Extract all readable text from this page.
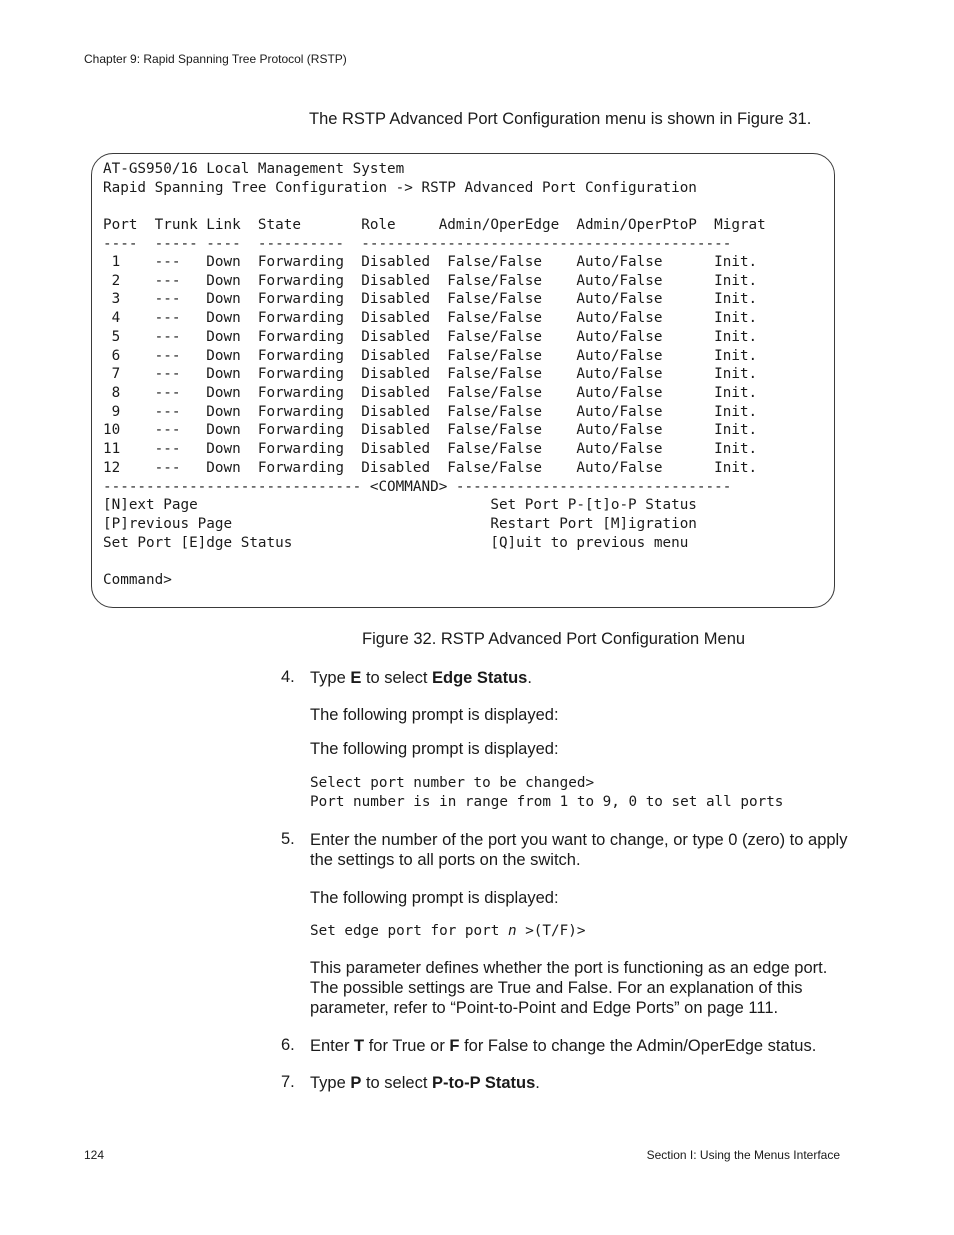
Chapter 9: Rapid Spanning Tree Protocol (RSTP)
The RSTP Advanced Port Configuration menu is shown in Figure 31.
AT-GS950/16 Local Management System
Rapid Spanning Tree Configuration -> RSTP Advanced Port Configuration
Port  Trunk Link  State       Role     Admin/OperEdge  Admin/OperPtoP  Migrat
----  ----- ----  ----------  -------------------------------------------
1    ---   Down  Forwarding  Disabled  False/False    Auto/False      Init.
2    ---   Down  Forwarding  Disabled  False/False    Auto/False      Init.
3    ---   Down  Forwarding  Disabled  False/False    Auto/False      Init.
4    ---   Down  Forwarding  Disabled  False/False    Auto/False      Init.
5    ---   Down  Forwarding  Disabled  False/False    Auto/False      Init.
6    ---   Down  Forwarding  Disabled  False/False    Auto/False      Init.
7    ---   Down  Forwarding  Disabled  False/False    Auto/False      Init.
8    ---   Down  Forwarding  Disabled  False/False    Auto/False      Init.
9    ---   Down  Forwarding  Disabled  False/False    Auto/False      Init.
10    ---   Down  Forwarding  Disabled  False/False    Auto/False      Init.
11    ---   Down  Forwarding  Disabled  False/False    Auto/False      Init.
12    ---   Down  Forwarding  Disabled  False/False    Auto/False      Init.
------------------------------ <COMMAND> --------------------------------
[N]ext Page                                  Set Port P-[t]o-P Status
[P]revious Page                              Restart Port [M]igration
Set Port [E]dge Status                       [Q]uit to previous menu
Command>
Figure 32. RSTP Advanced Port Configuration Menu
4. Type E to select Edge Status.
The following prompt is displayed:
The following prompt is displayed:
Select port number to be changed>
Port number is in range from 1 to 9, 0 to set all ports
5. Enter the number of the port you want to change, or type 0 (zero) to apply the settings to all ports on the switch.
The following prompt is displayed:
Set edge port for port n >(T/F)>
This parameter defines whether the port is functioning as an edge port. The possible settings are True and False. For an explanation of this parameter, refer to “Point-to-Point and Edge Ports” on page 111.
6. Enter T for True or F for False to change the Admin/OperEdge status.
7. Type P to select P-to-P Status.
124	Section I: Using the Menus Interface
